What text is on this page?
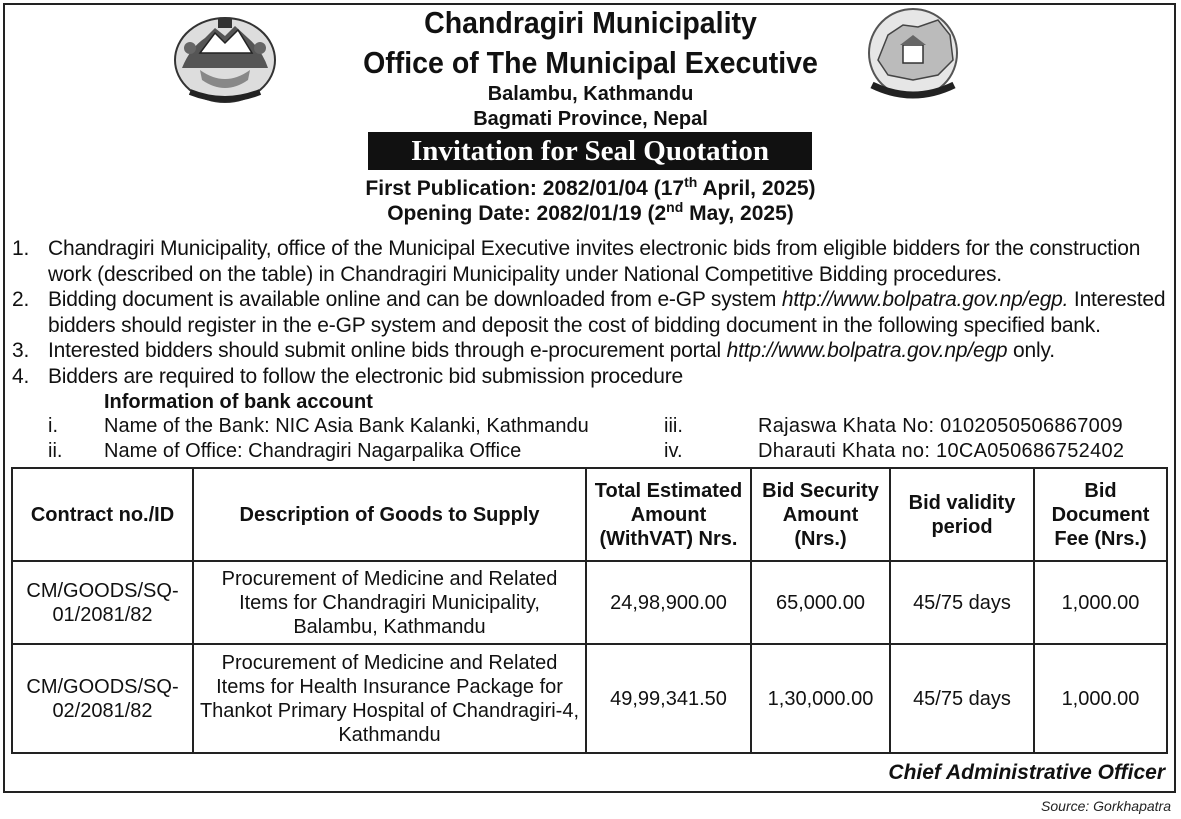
Chandragiri Municipality
Office of The Municipal Executive
Balambu, Kathmandu
Bagmati Province, Nepal
Invitation for Seal Quotation
First Publication: 2082/01/04 (17th April, 2025)
Opening Date: 2082/01/19 (2nd May, 2025)
1. Chandragiri Municipality, office of the Municipal Executive invites electronic bids from eligible bidders for the construction work (described on the table) in Chandragiri Municipality under National Competitive Bidding procedures.
2. Bidding document is available online and can be downloaded from e-GP system http://www.bolpatra.gov.np/egp. Interested bidders should register in the e-GP system and deposit the cost of bidding document in the following specified bank.
3. Interested bidders should submit online bids through e-procurement portal http://www.bolpatra.gov.np/egp only.
4. Bidders are required to follow the electronic bid submission procedure
Information of bank account
i. Name of the Bank: NIC Asia Bank Kalanki, Kathmandu	iii.	Rajaswa Khata No: 0102050506867009
ii. Name of Office: Chandragiri Nagarpalika Office	iv.	Dharauti Khata no: 10CA050686752402
Contract no./ID	Description of Goods to Supply	Total Estimated Amount (WithVAT) Nrs.	Bid Security Amount (Nrs.)	Bid validity period	Bid Document Fee (Nrs.)
CM/GOODS/SQ-01/2081/82	Procurement of Medicine and Related Items for Chandragiri Municipality, Balambu, Kathmandu	24,98,900.00	65,000.00	45/75 days	1,000.00
CM/GOODS/SQ-02/2081/82	Procurement of Medicine and Related Items for Health Insurance Package for Thankot Primary Hospital of Chandragiri-4, Kathmandu	49,99,341.50	1,30,000.00	45/75 days	1,000.00
Chief Administrative Officer
Source: Gorkhapatra
